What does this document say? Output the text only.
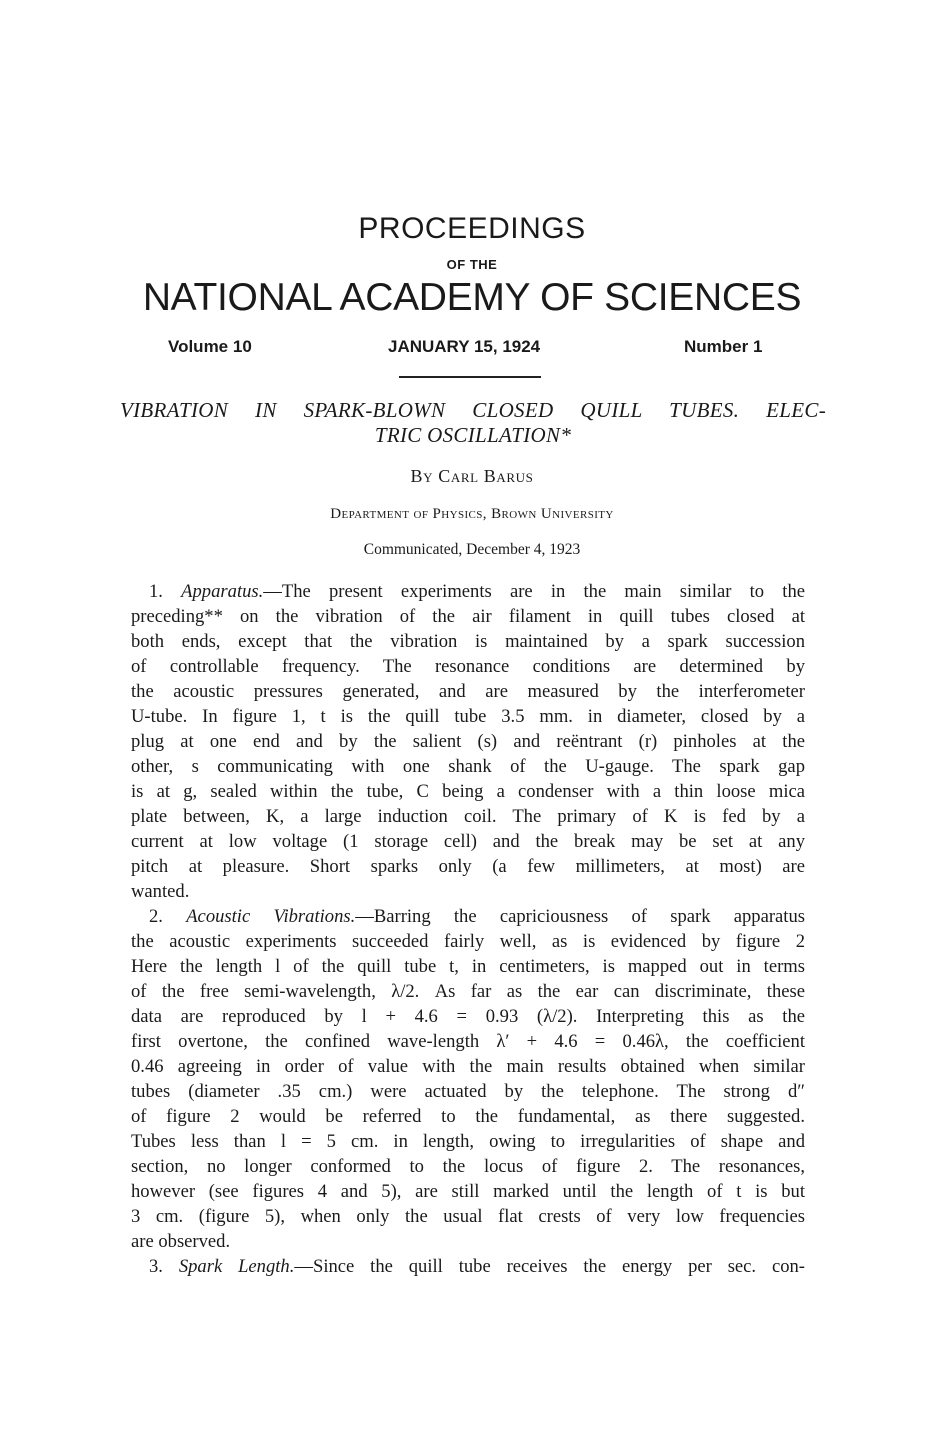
PROCEEDINGS
OF THE
NATIONAL ACADEMY OF SCIENCES
Volume 10	JANUARY 15, 1924	Number 1
VIBRATION IN SPARK-BLOWN CLOSED QUILL TUBES. ELEC-
TRIC OSCILLATION*
By Carl Barus
Department of Physics, Brown University
Communicated, December 4, 1923
1. Apparatus.—The present experiments are in the main similar to the
preceding** on the vibration of the air filament in quill tubes closed at
both ends, except that the vibration is maintained by a spark succession
of controllable frequency. The resonance conditions are determined by
the acoustic pressures generated, and are measured by the interferometer
U-tube. In figure 1, t is the quill tube 3.5 mm. in diameter, closed by a
plug at one end and by the salient (s) and reëntrant (r) pinholes at the
other, s communicating with one shank of the U-gauge. The spark gap
is at g, sealed within the tube, C being a condenser with a thin loose mica
plate between, K, a large induction coil. The primary of K is fed by a
current at low voltage (1 storage cell) and the break may be set at any
pitch at pleasure. Short sparks only (a few millimeters, at most) are
wanted.
2. Acoustic Vibrations.—Barring the capriciousness of spark apparatus
the acoustic experiments succeeded fairly well, as is evidenced by figure 2
Here the length l of the quill tube t, in centimeters, is mapped out in terms
of the free semi-wavelength, λ/2. As far as the ear can discriminate, these
data are reproduced by l + 4.6 = 0.93 (λ/2). Interpreting this as the
first overtone, the confined wave-length λ′ + 4.6 = 0.46λ, the coefficient
0.46 agreeing in order of value with the main results obtained when similar
tubes (diameter .35 cm.) were actuated by the telephone. The strong d″
of figure 2 would be referred to the fundamental, as there suggested.
Tubes less than l = 5 cm. in length, owing to irregularities of shape and
section, no longer conformed to the locus of figure 2. The resonances,
however (see figures 4 and 5), are still marked until the length of t is but
3 cm. (figure 5), when only the usual flat crests of very low frequencies
are observed.
3. Spark Length.—Since the quill tube receives the energy per sec. con-
